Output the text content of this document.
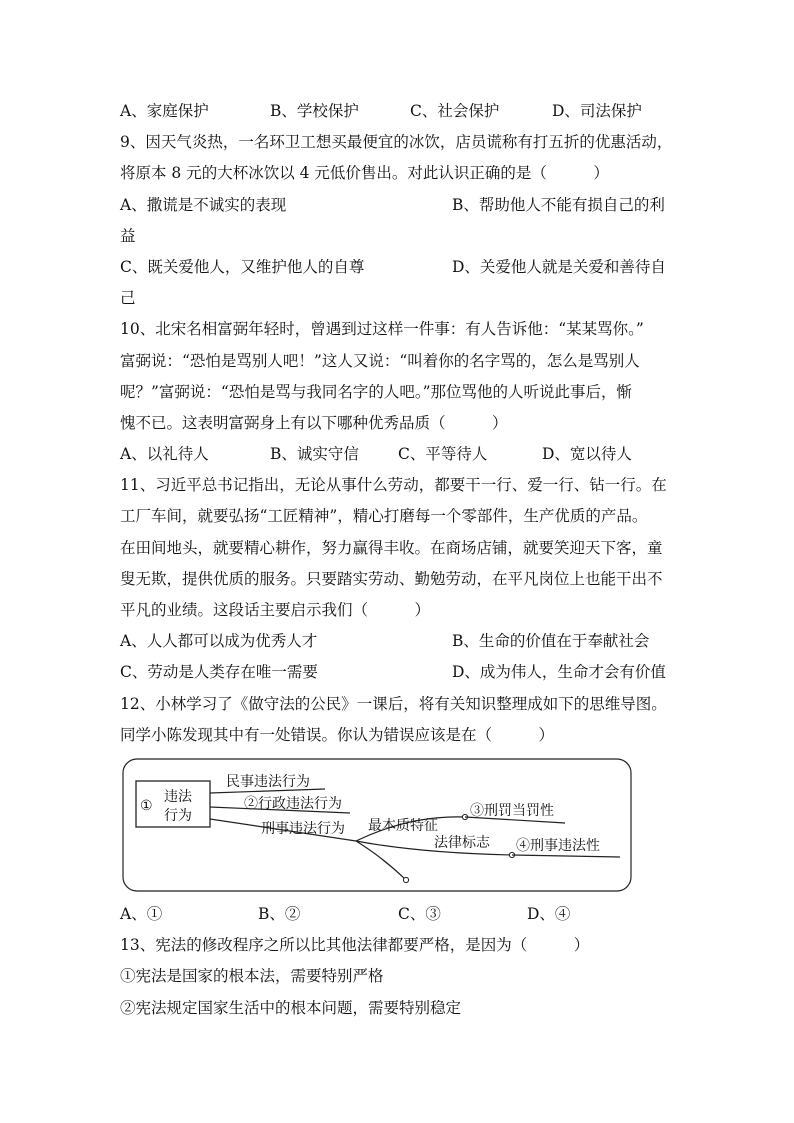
A、家庭保护	B、学校保护	C、社会保护	D、司法保护
9、因天气炎热，一名环卫工想买最便宜的冰饮，店员谎称有打五折的优惠活动，
将原本 8 元的大杯冰饮以 4 元低价售出。对此认识正确的是（　　　）
A、撒谎是不诚实的表现	B、帮助他人不能有损自己的利
益
C、既关爱他人，又维护他人的自尊	D、关爱他人就是关爱和善待自
己
10、北宋名相富弼年轻时，曾遇到过这样一件事：有人告诉他：“某某骂你。”
富弼说：“恐怕是骂别人吧！”这人又说：“叫着你的名字骂的，怎么是骂别人
呢？”富弼说：“恐怕是骂与我同名字的人吧。”那位骂他的人听说此事后，惭
愧不已。这表明富弼身上有以下哪种优秀品质（　　　）
A、以礼待人	B、诚实守信	C、平等待人	D、宽以待人
11、习近平总书记指出，无论从事什么劳动，都要干一行、爱一行、钻一行。在
工厂车间，就要弘扬“工匠精神”，精心打磨每一个零部件，生产优质的产品。
在田间地头，就要精心耕作，努力赢得丰收。在商场店铺，就要笑迎天下客，童
叟无欺，提供优质的服务。只要踏实劳动、勤勉劳动，在平凡岗位上也能干出不
平凡的业绩。这段话主要启示我们（　　　）
A、人人都可以成为优秀人才	B、生命的价值在于奉献社会
C、劳动是人类存在唯一需要	D、成为伟人，生命才会有价值
12、小林学习了《做守法的公民》一课后，将有关知识整理成如下的思维导图。
同学小陈发现其中有一处错误。你认为错误应该是在（　　　）
①
违法
行为
民事违法行为
②行政违法行为
刑事违法行为 最本质特征
③刑罚当罚性
法律标志 ④刑事违法性
A、①	B、②	C、③	D、④
13、宪法的修改程序之所以比其他法律都要严格，是因为（　　　）
①宪法是国家的根本法，需要特别严格
②宪法规定国家生活中的根本问题，需要特别稳定
